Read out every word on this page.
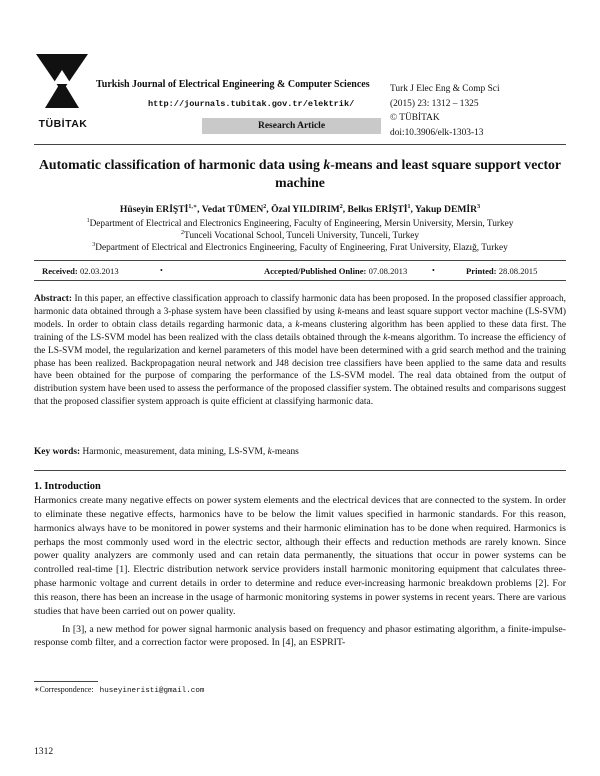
TÜBİTAK
Turkish Journal of Electrical Engineering & Computer Sciences
http://journals.tubitak.gov.tr/elektrik/
Research Article
Turk J Elec Eng & Comp Sci
(2015) 23: 1312 – 1325
© TÜBİTAK
doi:10.3906/elk-1303-13
Automatic classification of harmonic data using k-means and least square support vector machine
Hüseyin $ERİŞTİ^{1,∗}$, Vedat TÜMEN$^2$, Özal YILDIRIM$^2$, Belkıs ERİŞTİ$^1$, Yakup DEMİR$^3$
$^1$Department of Electrical and Electronics Engineering, Faculty of Engineering, Mersin University, Mersin, Turkey
$^2$Tunceli Vocational School, Tunceli University, Tunceli, Turkey
$^3$Department of Electrical and Electronics Engineering, Faculty of Engineering, Fırat University, Elazığ, Turkey
Received: 02.03.2013	•	Accepted/Published Online: 07.08.2013	•	Printed: 28.08.2015
Abstract: In this paper, an effective classification approach to classify harmonic data has been proposed. In the proposed classifier approach, harmonic data obtained through a 3-phase system have been classified by using k-means and least square support vector machine (LS-SVM) models. In order to obtain class details regarding harmonic data, a k-means clustering algorithm has been applied to these data first. The training of the LS-SVM model has been realized with the class details obtained through the k-means algorithm. To increase the efficiency of the LS-SVM model, the regularization and kernel parameters of this model have been determined with a grid search method and the training phase has been realized. Backpropagation neural network and J48 decision tree classifiers have been applied to the same data and results have been obtained for the purpose of comparing the performance of the LS-SVM model. The real data obtained from the output of distribution system have been used to assess the performance of the proposed classifier system. The obtained results and comparisons suggest that the proposed classifier system approach is quite efficient at classifying harmonic data.
Key words: Harmonic, measurement, data mining, LS-SVM, k-means
1. Introduction

Harmonics create many negative effects on power system elements and the electrical devices that are connected to the system. In order to eliminate these negative effects, harmonics have to be below the limit values specified in harmonic standards. For this reason, harmonics always have to be monitored in power systems and their harmonic elimination has to be done when required. Harmonics is perhaps the most commonly used word in the electric sector, although their effects and reduction methods are rarely known. Since power quality analyzers are commonly used and can retain data permanently, the situations that occur in power systems can be controlled real-time [1]. Electric distribution network service providers install harmonic monitoring equipment that calculates three-phase harmonic voltage and current details in order to determine and reduce ever-increasing harmonic breakdown problems [2]. For this reason, there has been an increase in the usage of harmonic monitoring systems in power systems in recent years. There are various studies that have been carried out on power quality.

In [3], a new method for power signal harmonic analysis based on frequency and phasor estimating algorithm, a finite-impulse-response comb filter, and a correction factor were proposed. In [4], an ESPRIT-

∗Correspondence: huseyineristi@gmail.com
1312
